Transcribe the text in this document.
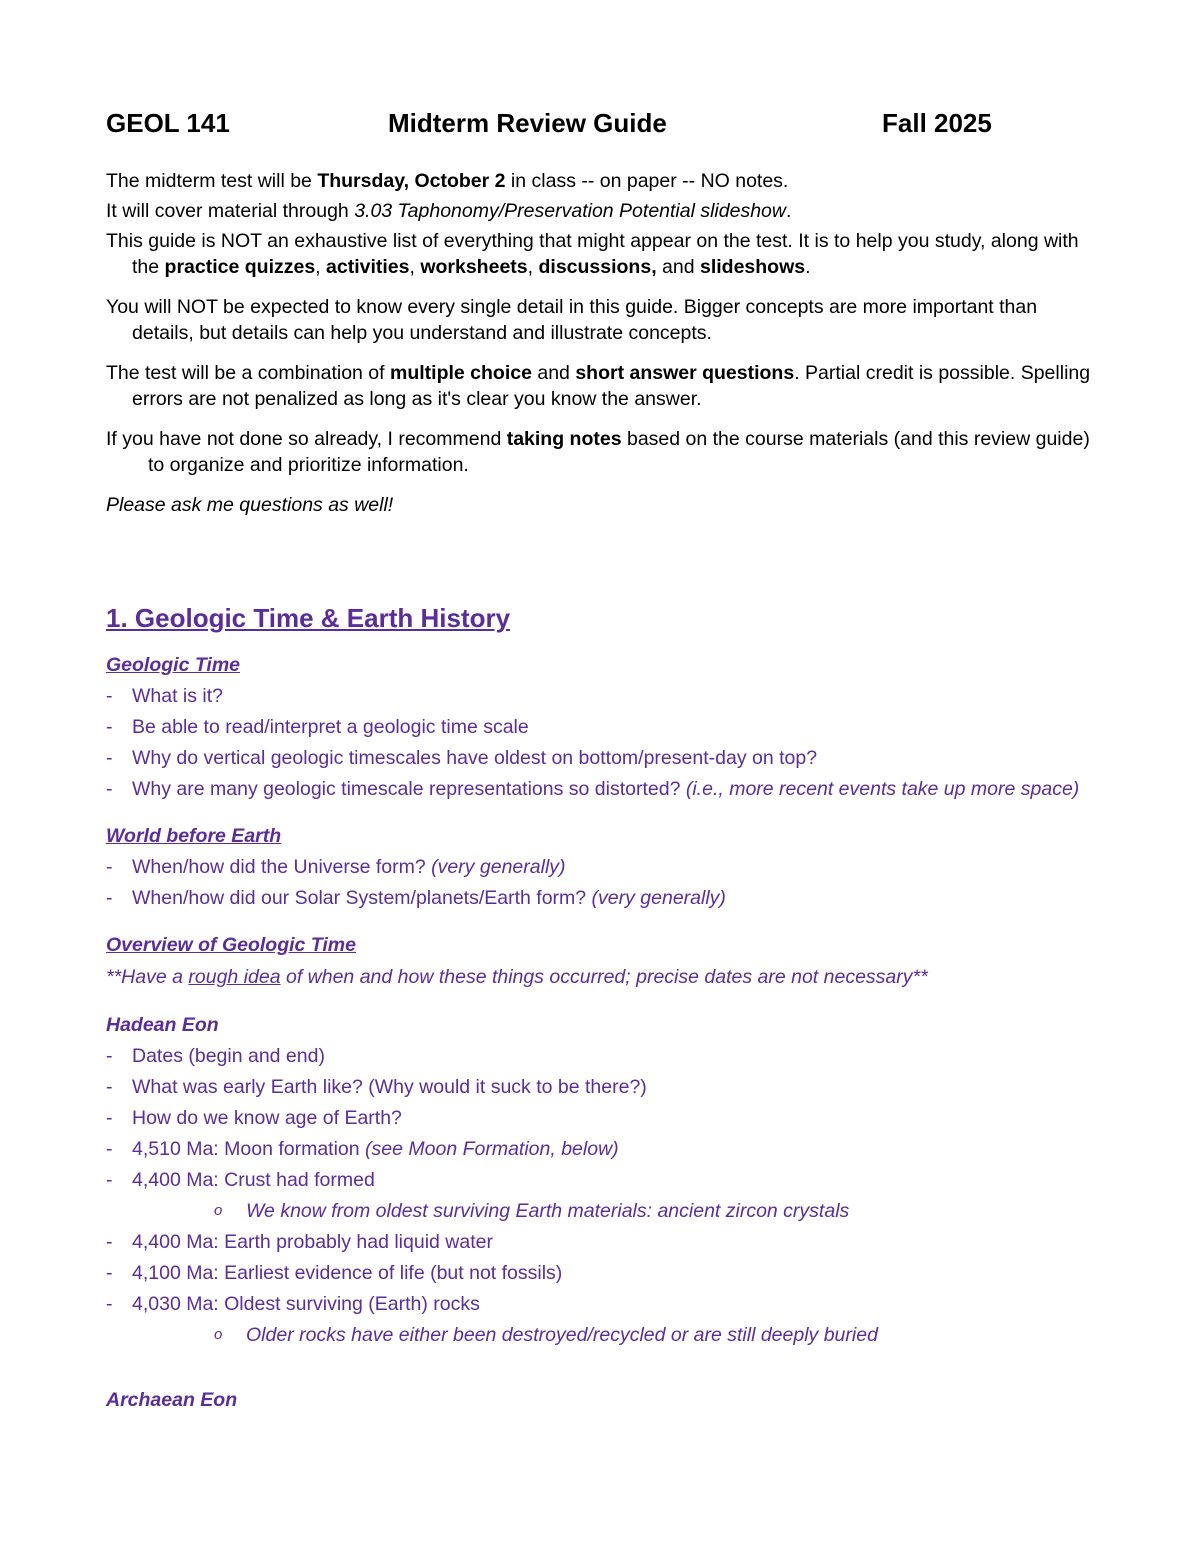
GEOL 141	Midterm Review Guide	Fall 2025

The midterm test will be Thursday, October 2 in class -- on paper -- NO notes.

It will cover material through 3.03 Taphonomy/Preservation Potential slideshow.

This guide is NOT an exhaustive list of everything that might appear on the test. It is to help you study, along with the practice quizzes, activities, worksheets, discussions, and slideshows.

You will NOT be expected to know every single detail in this guide. Bigger concepts are more important than details, but details can help you understand and illustrate concepts.

The test will be a combination of multiple choice and short answer questions. Partial credit is possible. Spelling errors are not penalized as long as it's clear you know the answer.

If you have not done so already, I recommend taking notes based on the course materials (and this review guide) to organize and prioritize information.

Please ask me questions as well!

1. Geologic Time & Earth History
Geologic Time
- What is it?
- Be able to read/interpret a geologic time scale
- Why do vertical geologic timescales have oldest on bottom/present-day on top?
- Why are many geologic timescale representations so distorted? (i.e., more recent events take up more space)
World before Earth
- When/how did the Universe form? (very generally)
- When/how did our Solar System/planets/Earth form? (very generally)
Overview of Geologic Time
**Have a rough idea of when and how these things occurred; precise dates are not necessary**
Hadean Eon
- Dates (begin and end)
- What was early Earth like? (Why would it suck to be there?)
- How do we know age of Earth?
- 4,510 Ma: Moon formation (see Moon Formation, below)
- 4,400 Ma: Crust had formed
o We know from oldest surviving Earth materials: ancient zircon crystals
- 4,400 Ma: Earth probably had liquid water
- 4,100 Ma: Earliest evidence of life (but not fossils)
- 4,030 Ma: Oldest surviving (Earth) rocks
o Older rocks have either been destroyed/recycled or are still deeply buried
Archaean Eon
